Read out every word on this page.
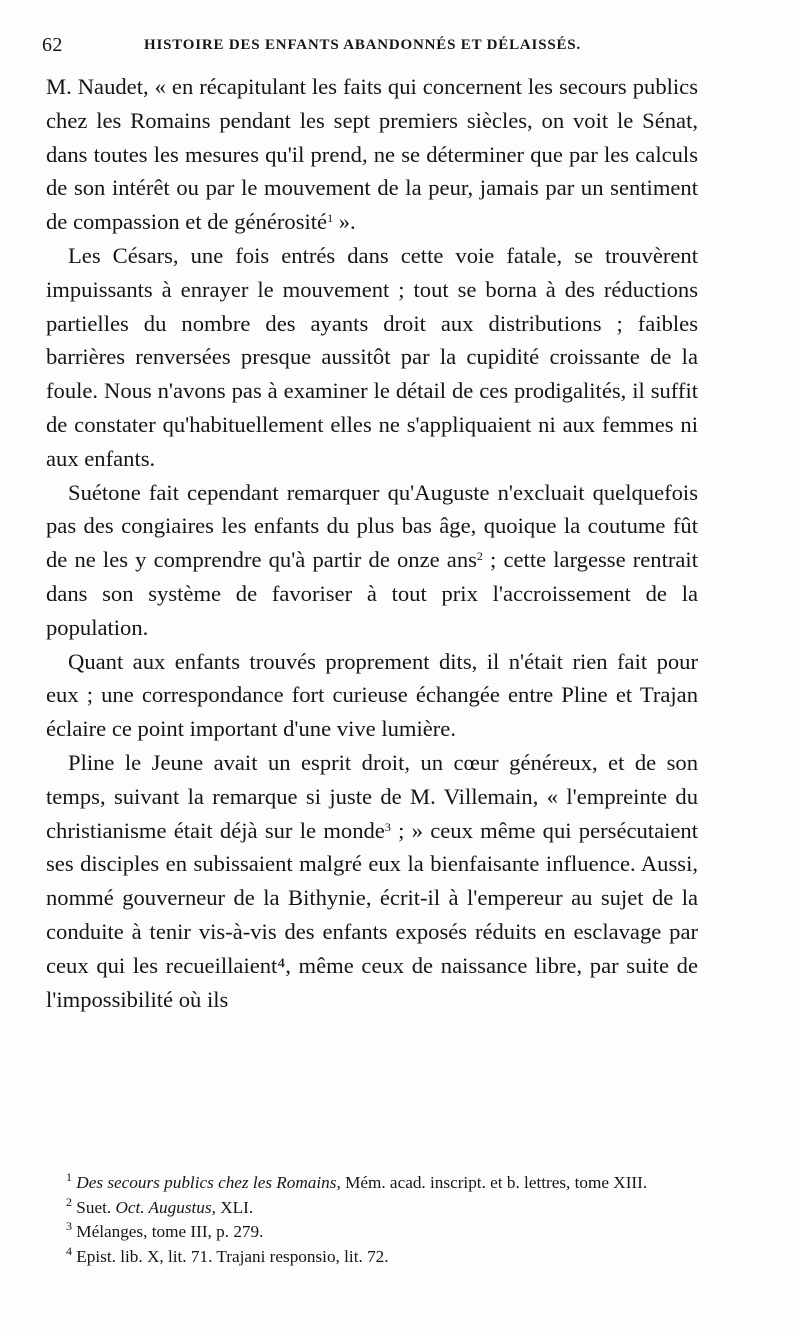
62	HISTOIRE DES ENFANTS ABANDONNÉS ET DÉLAISSÉS.

M. Naudet, « en récapitulant les faits qui concernent les secours publics chez les Romains pendant les sept premiers siècles, on voit le Sénat, dans toutes les mesures qu'il prend, ne se déterminer que par les calculs de son intérêt ou par le mouvement de la peur, jamais par un sentiment de compassion et de générosité$^1$ ».

Les Césars, une fois entrés dans cette voie fatale, se trouvèrent impuissants à enrayer le mouvement ; tout se borna à des réductions partielles du nombre des ayants droit aux distributions ; faibles barrières renversées presque aussitôt par la cupidité croissante de la foule. Nous n'avons pas à examiner le détail de ces prodigalités, il suffit de constater qu'habituellement elles ne s'appliquaient ni aux femmes ni aux enfants.

Suétone fait cependant remarquer qu'Auguste n'excluait quelquefois pas des congiaires les enfants du plus bas âge, quoique la coutume fût de ne les y comprendre qu'à partir de onze ans$^2$ ; cette largesse rentrait dans son système de favoriser à tout prix l'accroissement de la population.

Quant aux enfants trouvés proprement dits, il n'était rien fait pour eux ; une correspondance fort curieuse échangée entre Pline et Trajan éclaire ce point important d'une vive lumière.

Pline le Jeune avait un esprit droit, un cœur généreux, et de son temps, suivant la remarque si juste de M. Villemain, « l'empreinte du christianisme était déjà sur le monde$^3$ ; » ceux même qui persécutaient ses disciples en subissaient malgré eux la bienfaisante influence. Aussi, nommé gouverneur de la Bithynie, écrit-il à l'empereur au sujet de la conduite à tenir vis-à-vis des enfants exposés réduits en esclavage par ceux qui les recueillaient⁴, même ceux de naissance libre, par suite de l'impossibilité où ils

$^1$ Des secours publics chez les Romains, Mém. acad. inscript. et b. lettres, tome XIII.

$^2$ Suet. Oct. Augustus, XLI.

$^3$ Mélanges, tome III, p. 279.

$^4$ Epist. lib. X, lit. 71. Trajani responsio, lit. 72.
